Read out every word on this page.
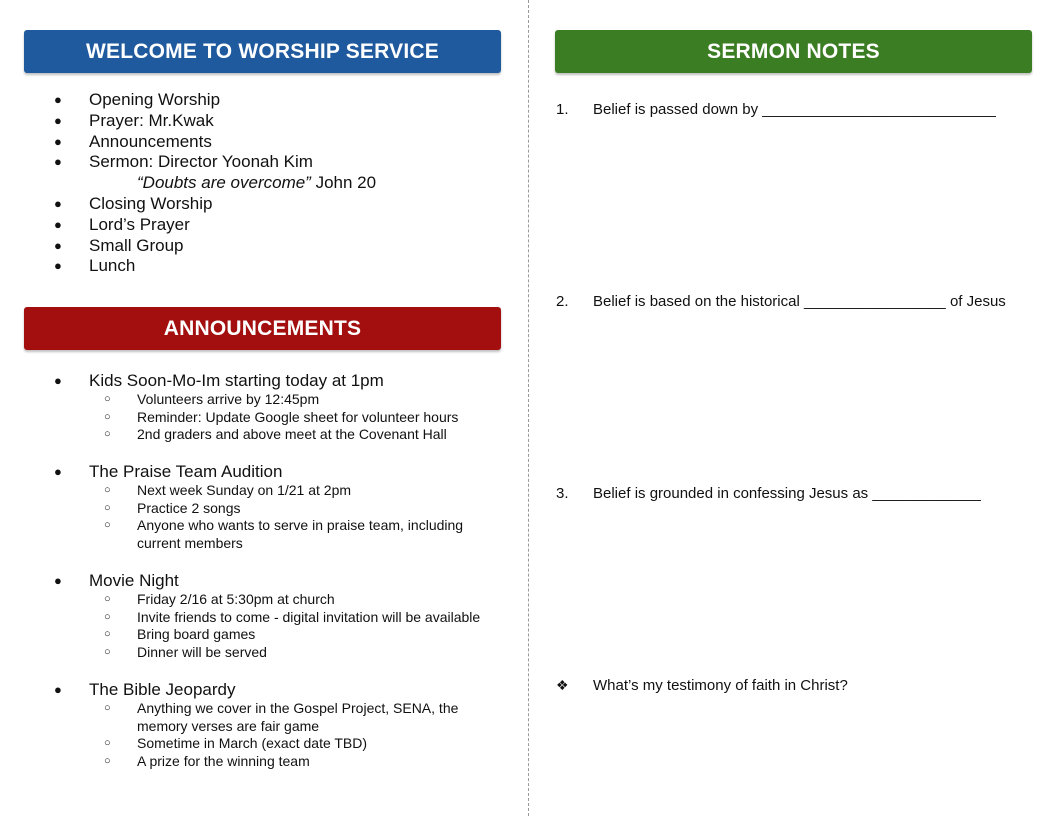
WELCOME TO WORSHIP SERVICE
● Opening Worship
● Prayer: Mr.Kwak
● Announcements
● Sermon: Director Yoonah Kim
“Doubts are overcome” John 20
● Closing Worship
● Lord’s Prayer
● Small Group
● Lunch
ANNOUNCEMENTS
● Kids Soon-Mo-Im starting today at 1pm
○ Volunteers arrive by 12:45pm
○ Reminder: Update Google sheet for volunteer hours
○ 2nd graders and above meet at the Covenant Hall
● The Praise Team Audition
○ Next week Sunday on 1/21 at 2pm
○ Practice 2 songs
○ Anyone who wants to serve in praise team, including
current members
● Movie Night
○ Friday 2/16 at 5:30pm at church
○ Invite friends to come - digital invitation will be available
○ Bring board games
○ Dinner will be served
● The Bible Jeopardy
○ Anything we cover in the Gospel Project, SENA, the
memory verses are fair game
○ Sometime in March (exact date TBD)
○ A prize for the winning team
SERMON NOTES
1. Belief is passed down by ____________________________
2. Belief is based on the historical _________________ of Jesus
3. Belief is grounded in confessing Jesus as _____________
❖ What’s my testimony of faith in Christ?
